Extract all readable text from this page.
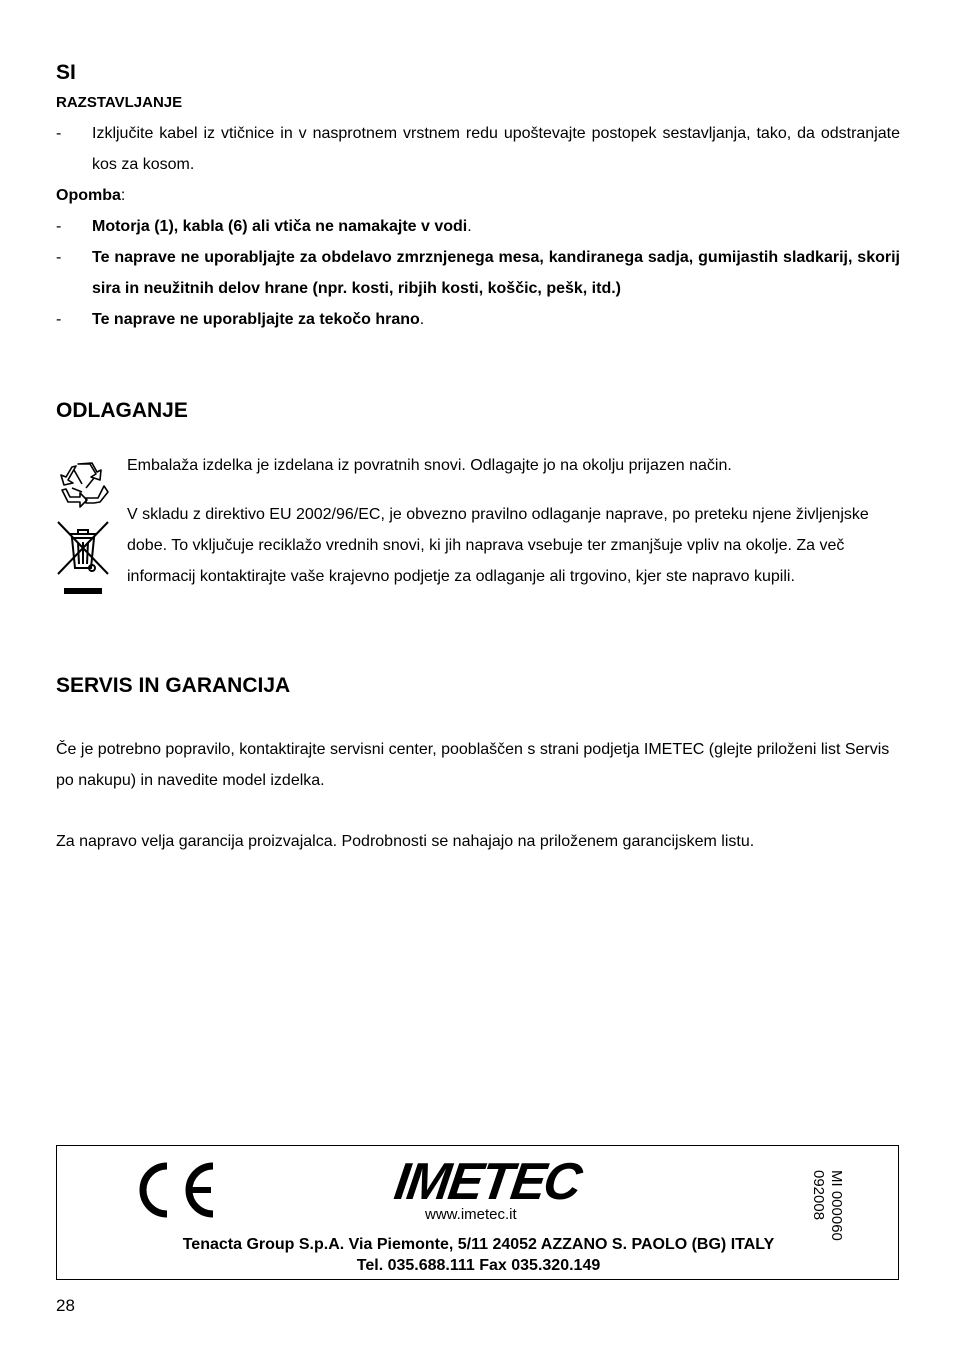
SI
RAZSTAVLJANJE
- Izključite kabel iz vtičnice in v nasprotnem vrstnem redu upoštevajte postopek sestavljanja, tako, da odstranjate kos za kosom.
Opomba:
- Motorja (1), kabla (6) ali vtiča ne namakajte v vodi.
- Te naprave ne uporabljajte za obdelavo zmrznjenega mesa, kandiranega sadja, gumijastih sladkarij, skorij sira in neužitnih delov hrane (npr. kosti, ribjih kosti, koščic, pešk, itd.)
- Te naprave ne uporabljajte za tekočo hrano.
ODLAGANJE
Embalaža izdelka je izdelana iz povratnih snovi. Odlagajte jo na okolju prijazen način.
V skladu z direktivo EU 2002/96/EC, je obvezno pravilno odlaganje naprave, po preteku njene življenjske dobe. To vključuje reciklažo vrednih snovi, ki jih naprava vsebuje ter zmanjšuje vpliv na okolje. Za več informacij kontaktirajte vaše krajevno podjetje za odlaganje ali trgovino, kjer ste napravo kupili.
SERVIS IN GARANCIJA
Če je potrebno popravilo, kontaktirajte servisni center, pooblaščen s strani podjetja IMETEC (glejte priloženi list Servis po nakupu) in navedite model izdelka.
Za napravo velja garancija proizvajalca. Podrobnosti se nahajajo na priloženem garancijskem listu.
IMETEC
www.imetec.it
Tenacta Group S.p.A. Via Piemonte, 5/11 24052 AZZANO S. PAOLO (BG) ITALY
Tel. 035.688.111 Fax 035.320.149
MI 000060
092008
28
